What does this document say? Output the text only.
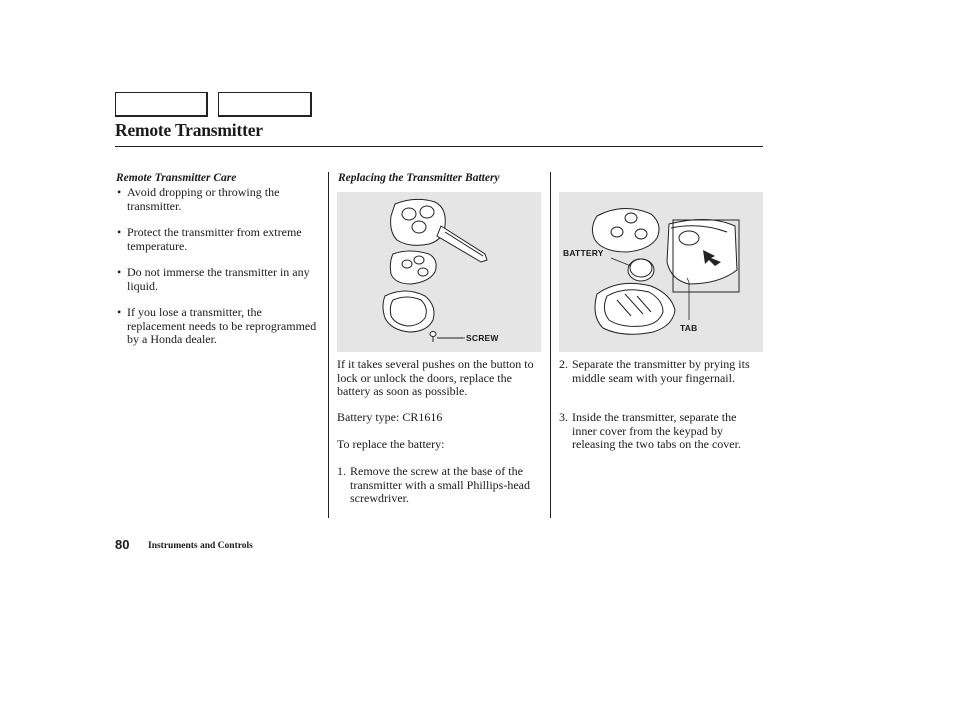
Remote Transmitter
Remote Transmitter Care
• Avoid dropping or throwing the transmitter.
• Protect the transmitter from extreme temperature.
• Do not immerse the transmitter in any liquid.
• If you lose a transmitter, the replacement needs to be reprogrammed by a Honda dealer.
Replacing the Transmitter Battery
SCREW
If it takes several pushes on the button to lock or unlock the doors, replace the battery as soon as possible.
Battery type: CR1616
To replace the battery:
1. Remove the screw at the base of the transmitter with a small Phillips-head screwdriver.
BATTERY
TAB
2. Separate the transmitter by prying its middle seam with your fingernail.
3. Inside the transmitter, separate the inner cover from the keypad by releasing the two tabs on the cover.
80 Instruments and Controls
